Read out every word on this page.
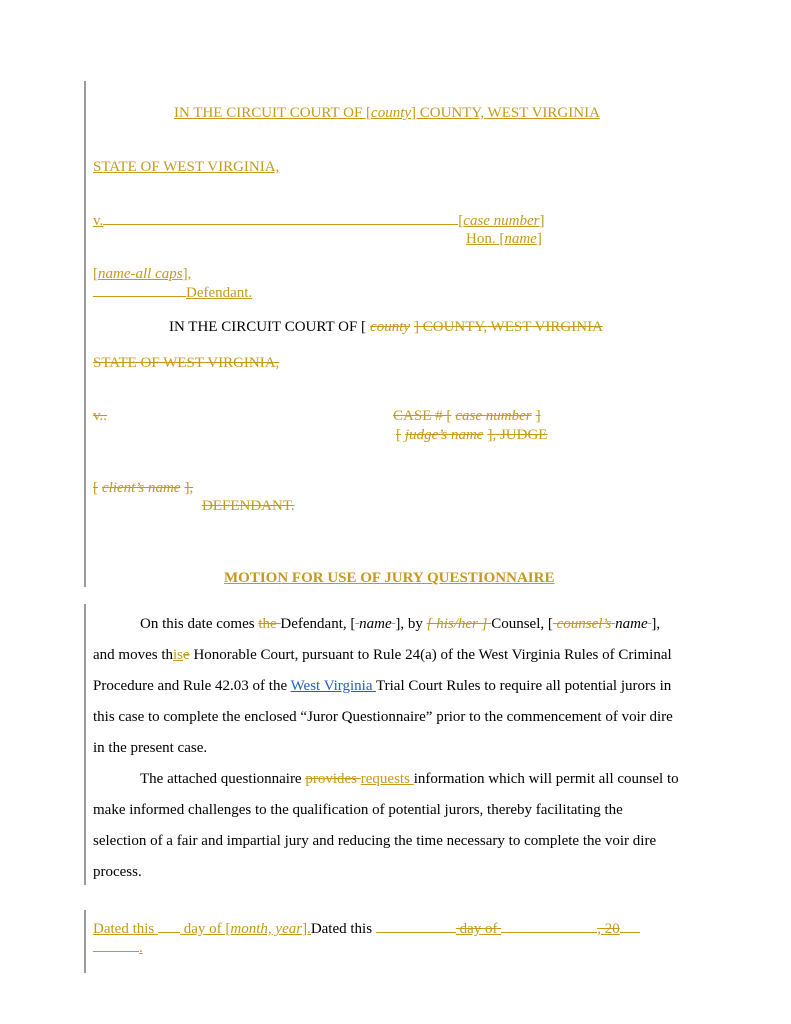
IN THE CIRCUIT COURT OF [county] COUNTY, WEST VIRGINIA
STATE OF WEST VIRGINIA,
v.	[case number]
Hon. [name]
[name-all caps],
Defendant.
IN THE CIRCUIT COURT OF [ county ] COUNTY, WEST VIRGINIA
STATE OF WEST VIRGINIA,
v..	CASE # [ case number ]
[ judge’s name ], JUDGE
[ client’s name ],
DEFENDANT.
MOTION FOR USE OF JURY QUESTIONNAIRE
On this date comes the Defendant, [ name ], by [ his/her ] Counsel, [ counsel’s name ],
and moves thise Honorable Court, pursuant to Rule 24(a) of the West Virginia Rules of Criminal
Procedure and Rule 42.03 of the West Virginia Trial Court Rules to require all potential jurors in
this case to complete the enclosed “Juror Questionnaire” prior to the commencement of voir dire
in the present case.
The attached questionnaire provides requests information which will permit all counsel to
make informed challenges to the qualification of potential jurors, thereby facilitating the
selection of a fair and impartial jury and reducing the time necessary to complete the voir dire
process.
Dated this  day of [month, year].Dated this	day of	, 20
.
